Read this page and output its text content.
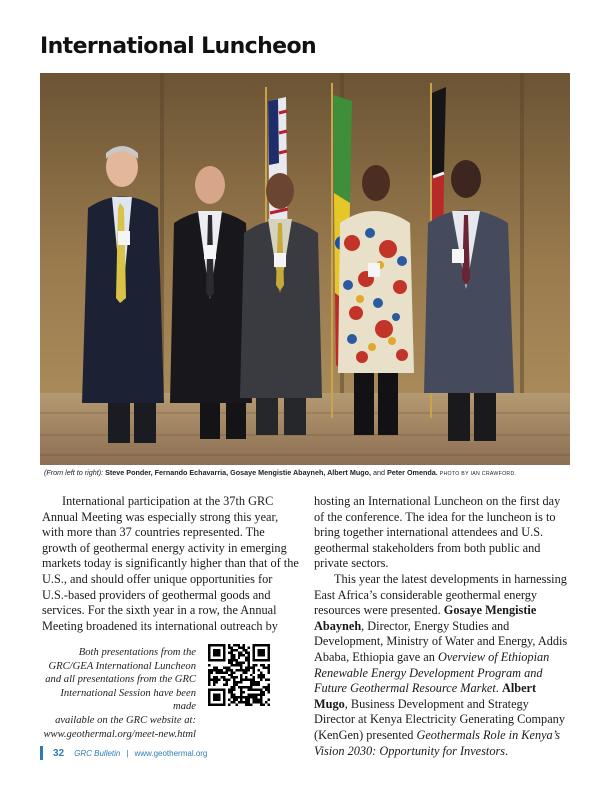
International Luncheon
(From left to right): Steve Ponder, Fernando Echavarria, Gosaye Mengistie Abayneh, Albert Mugo, and Peter Omenda. PHOTO BY IAN CRAWFORD.

International participation at the 37th GRC Annual Meeting was especially strong this year, with more than 37 countries represented. The growth of geothermal energy activity in emerging markets today is significantly higher than that of the U.S., and should offer unique opportunities for U.S.-based providers of geothermal goods and services. For the sixth year in a row, the Annual Meeting broadened its international outreach by

hosting an International Luncheon on the first day of the conference. The idea for the luncheon is to bring together international attendees and U.S. geothermal stakeholders from both public and private sectors.

This year the latest developments in harnessing East Africa’s considerable geothermal energy resources were presented. Gosaye Mengistie Abayneh, Director, Energy Studies and Development, Ministry of Water and Energy, Addis Ababa, Ethiopia gave an Overview of Ethiopian Renewable Energy Development Program and Future Geothermal Resource Market. Albert Mugo, Business Development and Strategy Director at Kenya Electricity Generating Company (KenGen) presented Geothermals Role in Kenya’s Vision 2030: Opportunity for Investors.

Both presentations from the
GRC/GEA International Luncheon
and all presentations from the GRC
International Session have been made
available on the GRC website at:
www.geothermal.org/meet-new.html
32 GRC Bulletin | www.geothermal.org
